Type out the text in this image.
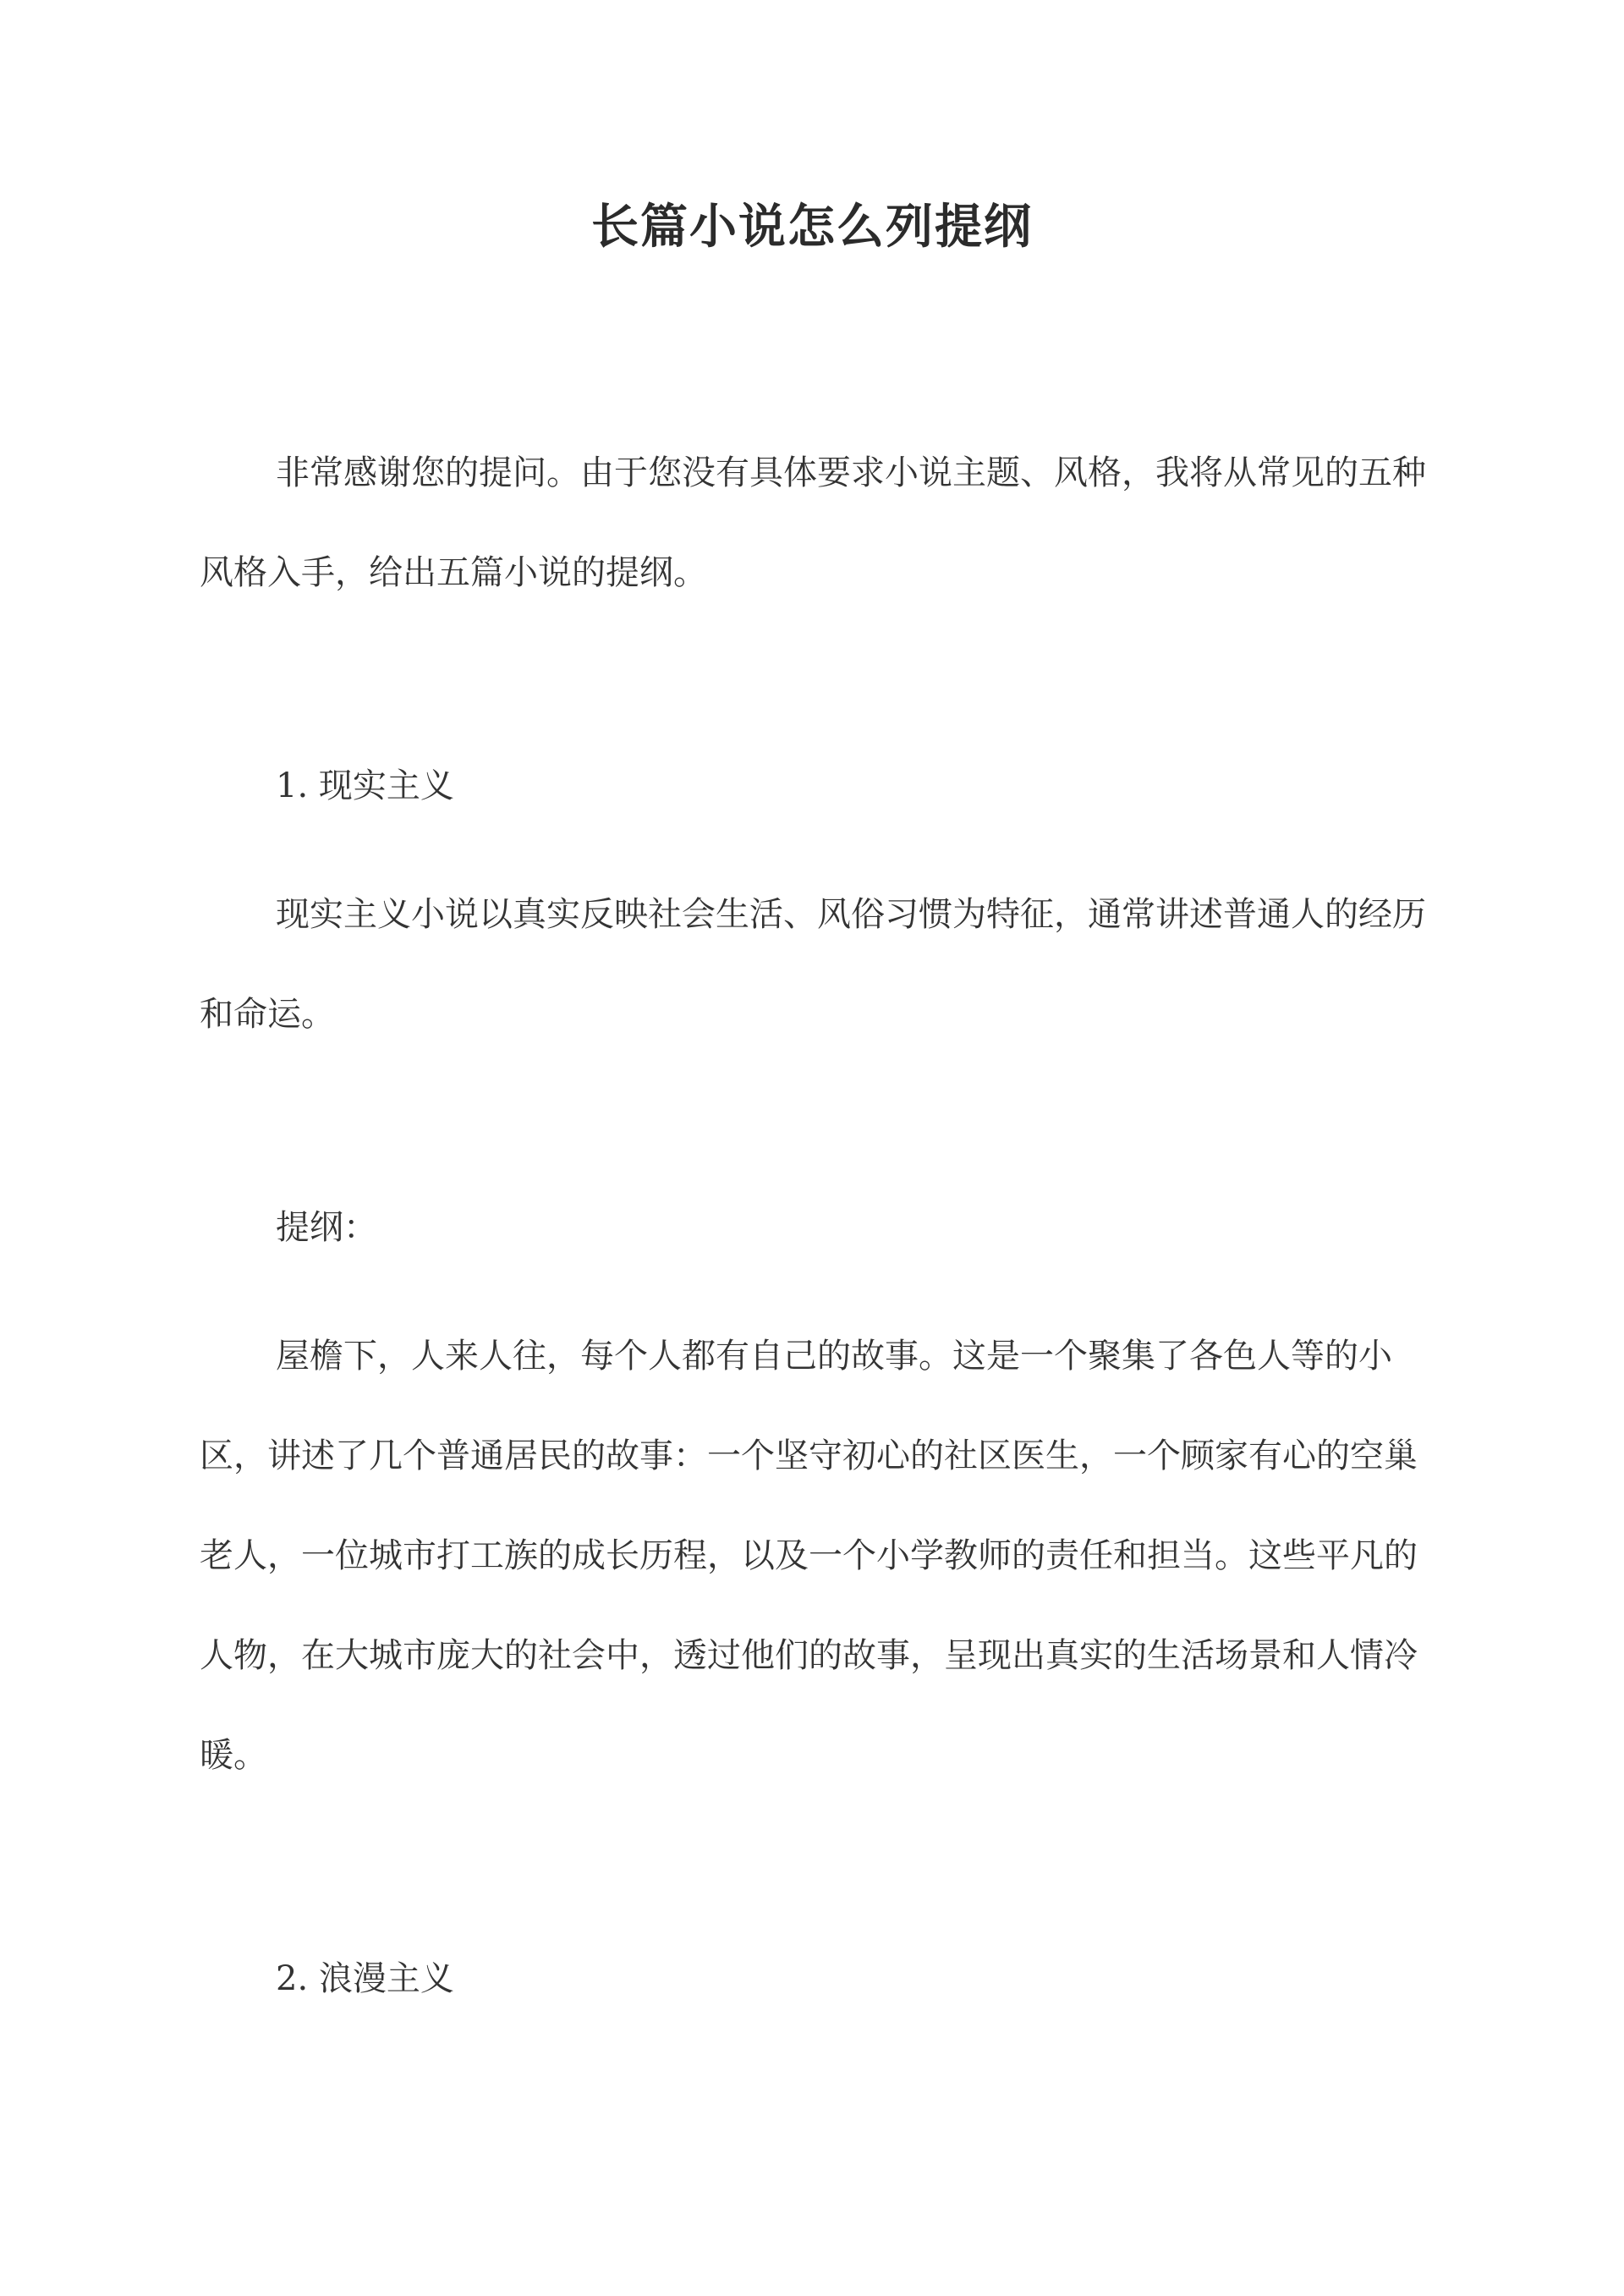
长篇小说怎么列提纲

非常感谢您的提问。由于您没有具体要求小说主题、风格，我将从常见的五种风格入手，给出五篇小说的提纲。

1. 现实主义

现实主义小说以真实反映社会生活、风俗习惯为特征，通常讲述普通人的经历和命运。

提纲：

屋檐下，人来人往，每个人都有自己的故事。这是一个聚集了各色人等的小区，讲述了几个普通居民的故事：一个坚守初心的社区医生，一个顾家有心的空巢老人，一位城市打工族的成长历程，以及一个小学教师的责任和担当。这些平凡的人物，在大城市庞大的社会中，透过他们的故事，呈现出真实的生活场景和人情冷暖。

2. 浪漫主义
